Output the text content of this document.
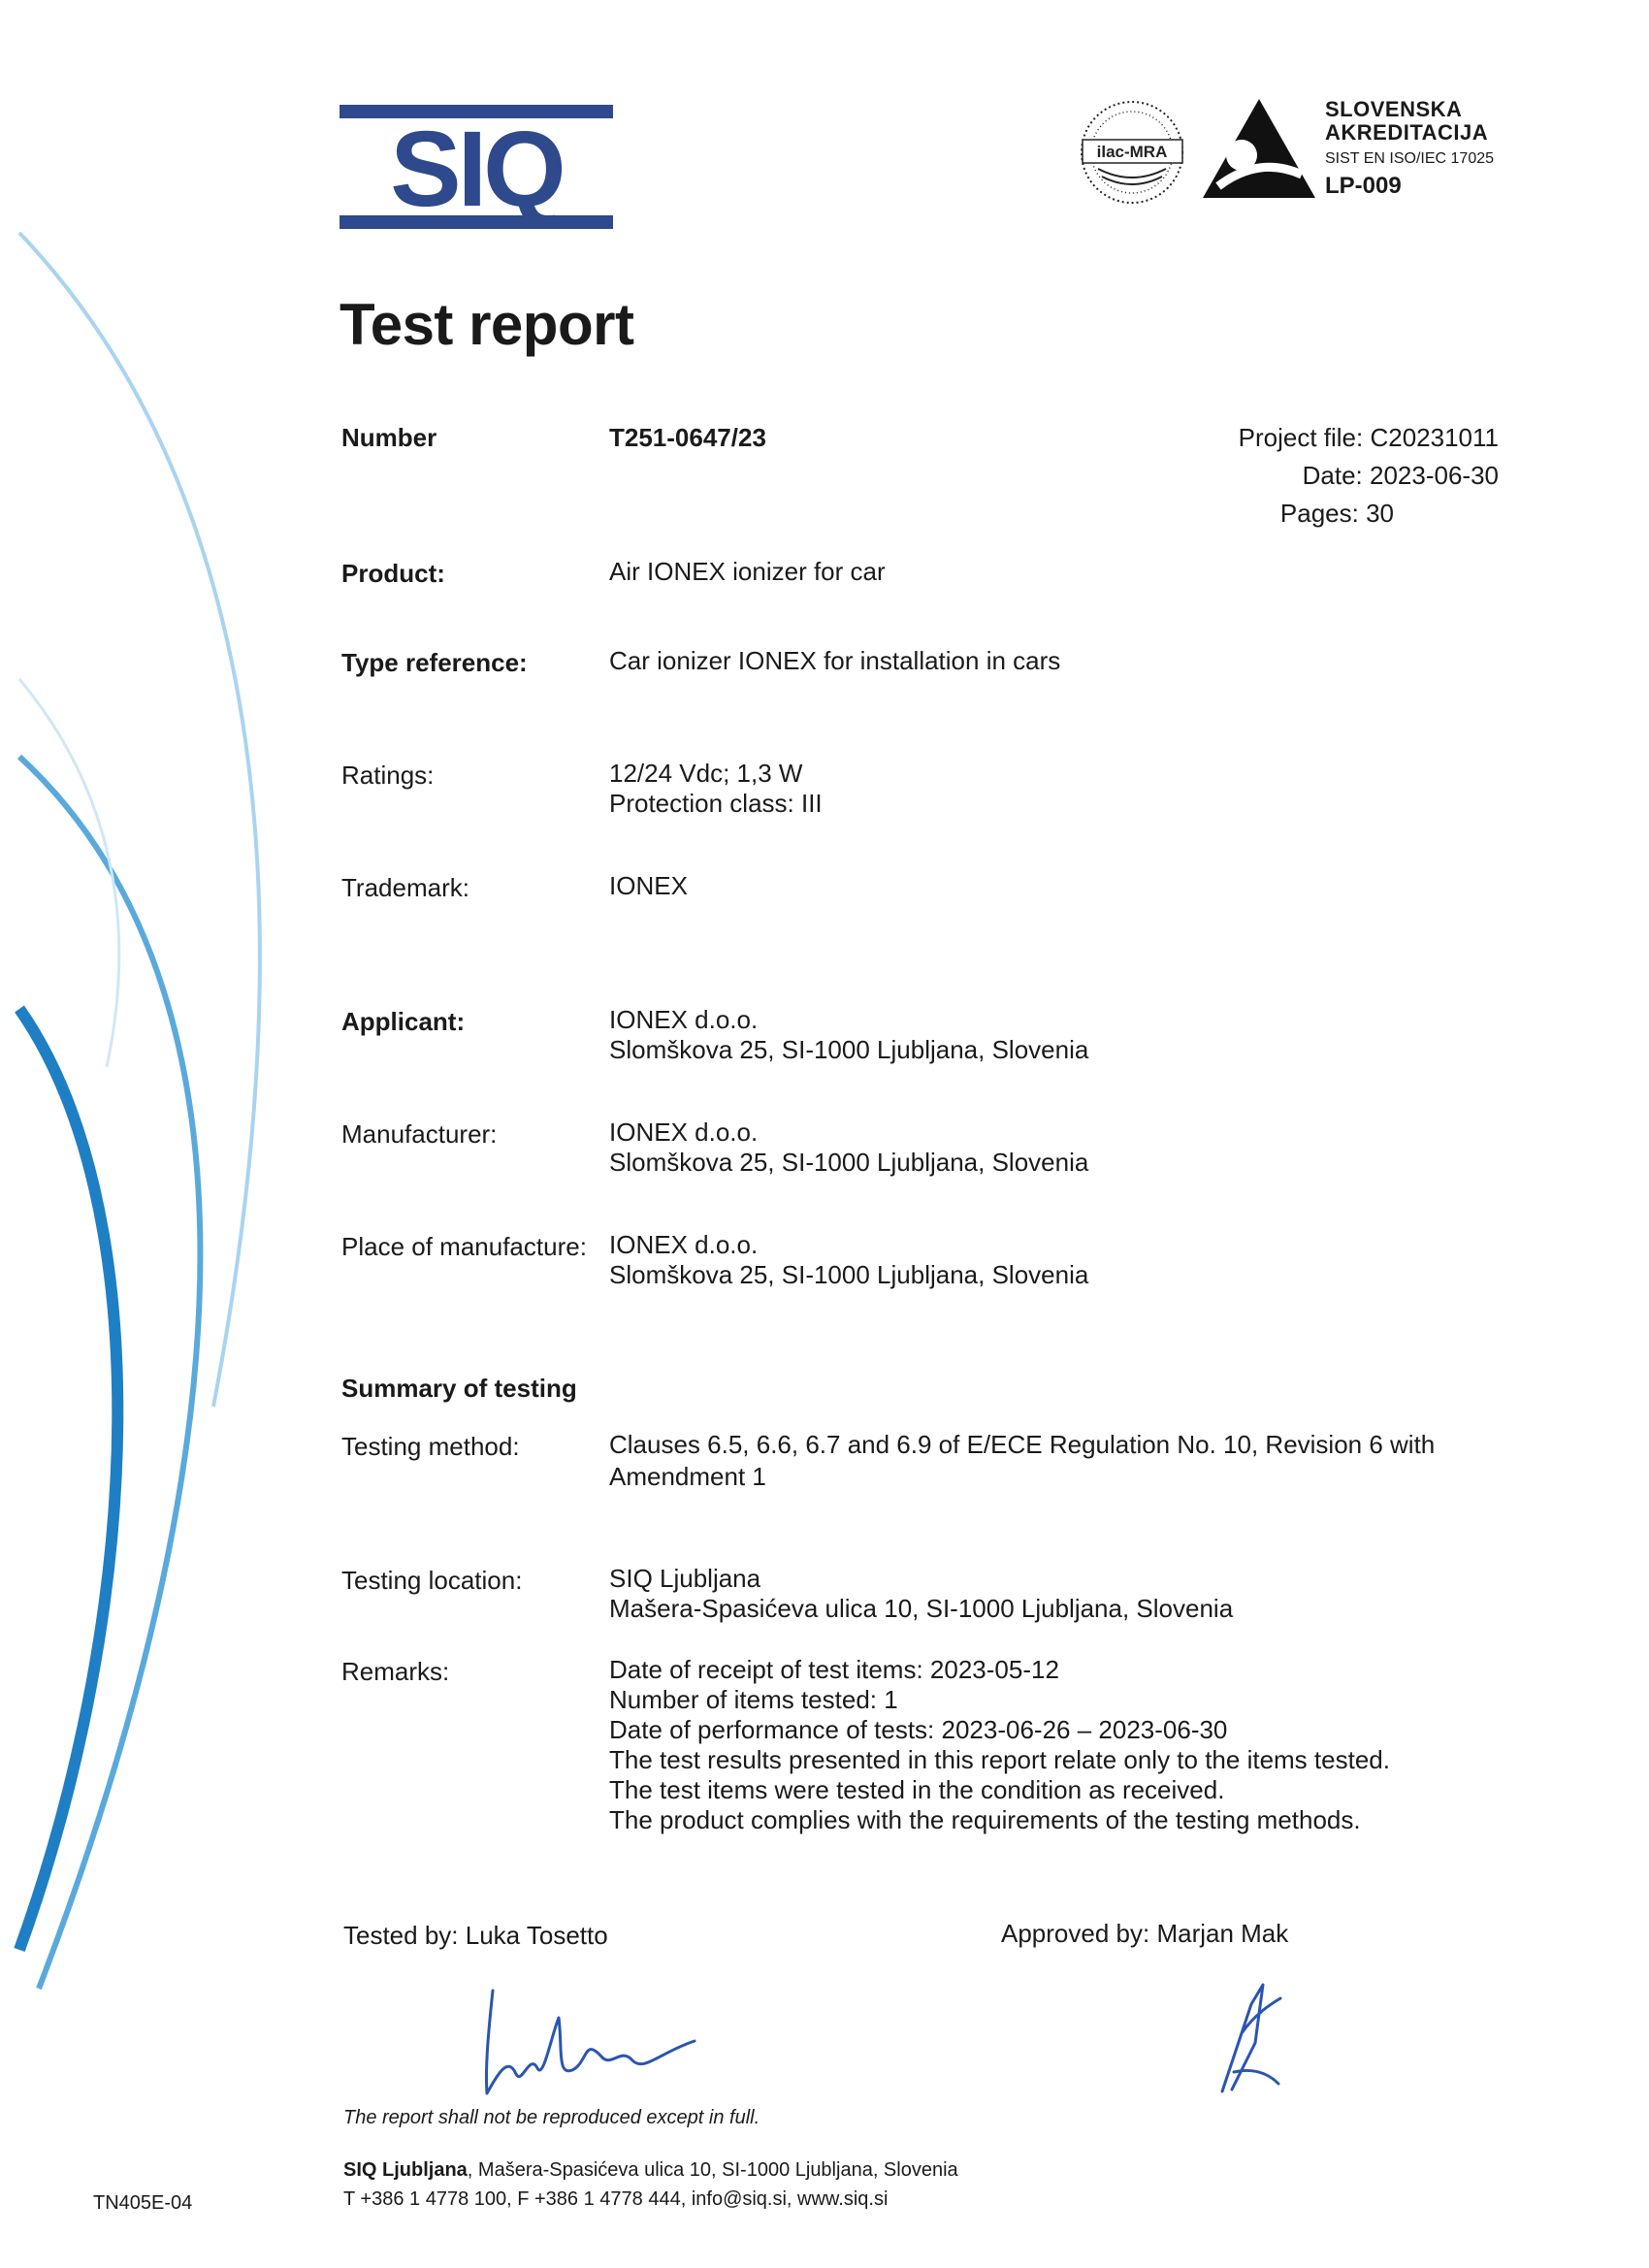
SIQ	ilac-MRA
SLOVENSKA
AKREDITACIJA
SIST EN ISO/IEC 17025
LP-009
Test report
Number	T251-0647/23	Project file: C20231011
Date: 2023-06-30
Pages: 30
Product:	Air IONEX ionizer for car
Type reference:	Car ionizer IONEX for installation in cars
Ratings:	12/24 Vdc; 1,3 W
Protection class: III
Trademark:	IONEX
Applicant:	IONEX d.o.o.
Slomškova 25, SI-1000 Ljubljana, Slovenia
Manufacturer:	IONEX d.o.o.
Slomškova 25, SI-1000 Ljubljana, Slovenia
Place of manufacture: IONEX d.o.o.
Slomškova 25, SI-1000 Ljubljana, Slovenia
Summary of testing
Testing method:	Clauses 6.5, 6.6, 6.7 and 6.9 of E/ECE Regulation No. 10, Revision 6 with
Amendment 1
Testing location:	SIQ Ljubljana
Mašera-Spasićeva ulica 10, SI-1000 Ljubljana, Slovenia
Remarks:	Date of receipt of test items: 2023-05-12
Number of items tested: 1
Date of performance of tests: 2023-06-26 – 2023-06-30
The test results presented in this report relate only to the items tested.
The test items were tested in the condition as received.
The product complies with the requirements of the testing methods.
Tested by: Luka Tosetto	Approved by: Marjan Mak
The report shall not be reproduced except in full.
SIQ Ljubljana, Mašera-Spasićeva ulica 10, SI-1000 Ljubljana, Slovenia
T +386 1 4778 100, F +386 1 4778 444, info@siq.si, www.siq.si
TN405E-04
